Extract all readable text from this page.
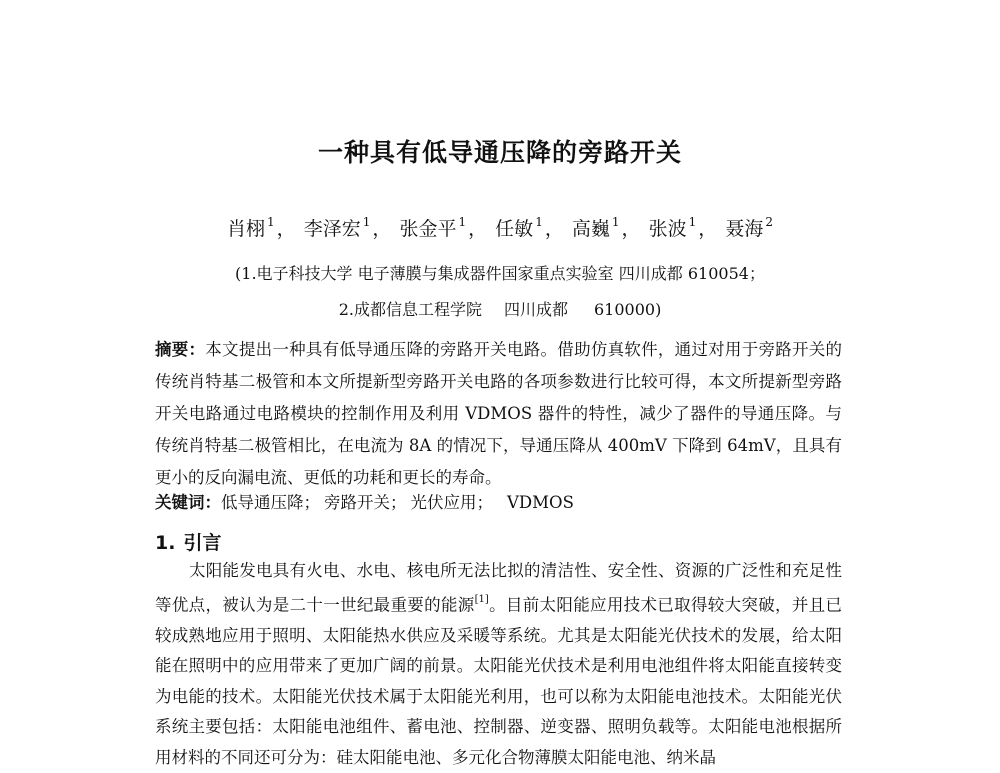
一种具有低导通压降的旁路开关
肖栩 $^1$ ， 李泽宏 $^1$ ， 张金平 $^1$ ， 任敏 $^1$ ， 高巍 $^1$ ， 张波 $^1$ ， 聂海 $^2$
(1.电子科技大学 电子薄膜与集成器件国家重点实验室 四川成都 610054；
2.成都信息工程学院 四川成都 610000)
摘要：本文提出一种具有低导通压降的旁路开关电路。借助仿真软件，通过对用于旁路开关的传统肖特基二极管和本文所提新型旁路开关电路的各项参数进行比较可得，本文所提新型旁路开关电路通过电路模块的控制作用及利用 VDMOS 器件的特性，减少了器件的导通压降。与传统肖特基二极管相比，在电流为 8A 的情况下，导通压降从 400mV 下降到 64mV，且具有更小的反向漏电流、更低的功耗和更长的寿命。
关键词：低导通压降； 旁路开关； 光伏应用； VDMOS
1. 引言
太阳能发电具有火电、水电、核电所无法比拟的清洁性、安全性、资源的广泛性和充足性等优点，被认为是二十一世纪最重要的能源[1]。目前太阳能应用技术已取得较大突破，并且已较成熟地应用于照明、太阳能热水供应及采暖等系统。尤其是太阳能光伏技术的发展，给太阳能在照明中的应用带来了更加广阔的前景。太阳能光伏技术是利用电池组件将太阳能直接转变为电能的技术。太阳能光伏技术属于太阳能光利用，也可以称为太阳能电池技术。太阳能光伏系统主要包括：太阳能电池组件、蓄电池、控制器、逆变器、照明负载等。太阳能电池根据所用材料的不同还可分为：硅太阳能电池、多元化合物薄膜太阳能电池、纳米晶
